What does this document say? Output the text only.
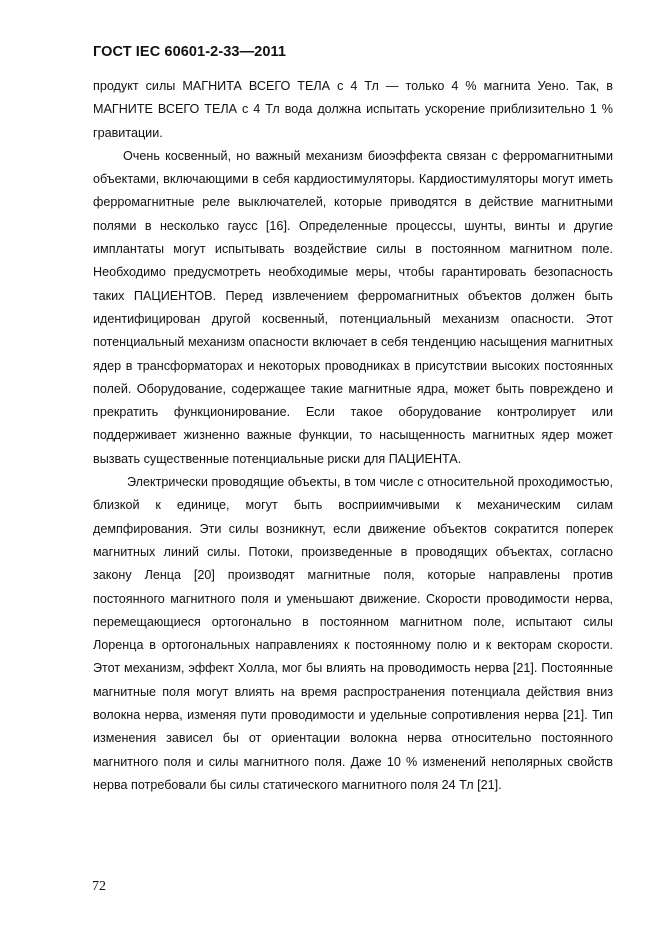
ГОСТ IEC 60601-2-33—2011

продукт силы МАГНИТА ВСЕГО ТЕЛА с 4 Тл — только 4 % магнита Уено. Так, в МАГНИТЕ ВСЕГО ТЕЛА с 4 Тл вода должна испытать ускорение приблизительно 1 % гравитации.

Очень косвенный, но важный механизм биоэффекта связан с ферромагнитными объектами, включающими в себя кардиостимуляторы. Кардиостимуляторы могут иметь ферромагнитные реле выключателей, которые приводятся в действие магнитными полями в несколько гаусс [16]. Определенные процессы, шунты, винты и другие имплантаты могут испытывать воздействие силы в постоянном магнитном поле. Необходимо предусмотреть необходимые меры, чтобы гарантировать безопасность таких ПАЦИЕНТОВ. Перед извлечением ферромагнитных объектов должен быть идентифицирован другой косвенный, потенциальный механизм опасности. Этот потенциальный механизм опасности включает в себя тенденцию насыщения магнитных ядер в трансформаторах и некоторых проводниках в присутствии высоких постоянных полей. Оборудование, содержащее такие магнитные ядра, может быть повреждено и прекратить функционирование. Если такое оборудование контролирует или поддерживает жизненно важные функции, то насыщенность магнитных ядер может вызвать существенные потенциальные риски для ПАЦИЕНТА.

Электрически проводящие объекты, в том числе с относительной проходимостью, близкой к единице, могут быть восприимчивыми к механическим силам демпфирования. Эти силы возникнут, если движение объектов сократится поперек магнитных линий силы. Потоки, произведенные в проводящих объектах, согласно закону Ленца [20] производят магнитные поля, которые направлены против постоянного магнитного поля и уменьшают движение. Скорости проводимости нерва, перемещающиеся ортогонально в постоянном магнитном поле, испытают силы Лоренца в ортогональных направлениях к постоянному полю и к векторам скорости. Этот механизм, эффект Холла, мог бы влиять на проводимость нерва [21]. Постоянные магнитные поля могут влиять на время распространения потенциала действия вниз волокна нерва, изменяя пути проводимости и удельные сопротивления нерва [21]. Тип изменения зависел бы от ориентации волокна нерва относительно постоянного магнитного поля и силы магнитного поля. Даже 10 % изменений неполярных свойств нерва потребовали бы силы статического магнитного поля 24 Тл [21].

72
